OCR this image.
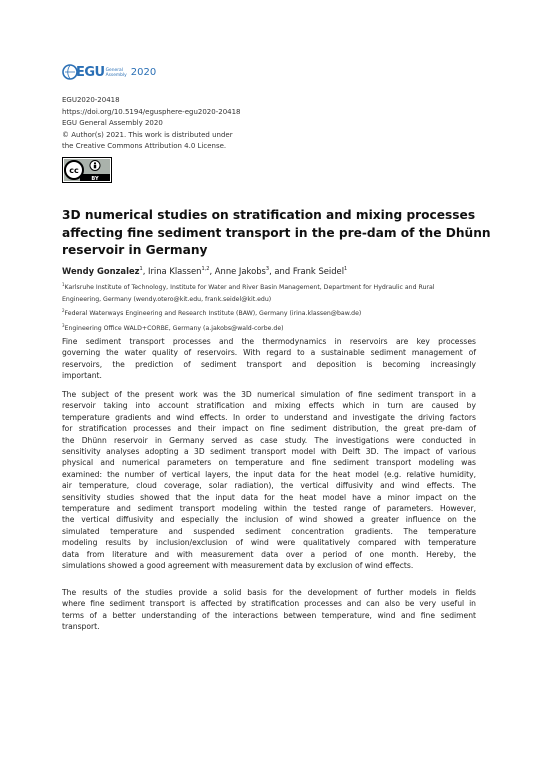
EGU General
Assembly 2020
EGU2020-20418
https://doi.org/10.5194/egusphere-egu2020-20418
EGU General Assembly 2020
© Author(s) 2021. This work is distributed under
the Creative Commons Attribution 4.0 License.
cc
BY
3D numerical studies on stratification and mixing processes
affecting fine sediment transport in the pre-dam of the Dhünn
reservoir in Germany
Wendy Gonzalez$^1$, Irina Klassen$^{1,2}$, Anne Jakobs$^3$, and Frank Seidel$^1$
$^1$Karlsruhe Institute of Technology, Institute for Water and River Basin Management, Department for Hydraulic and Rural
Engineering, Germany (wendy.otero@kit.edu, frank.seidel@kit.edu)
$^2$Federal Waterways Engineering and Research Institute (BAW), Germany (irina.klassen@baw.de)
$^3$Engineering Office WALD+CORBE, Germany (a.jakobs@wald-corbe.de)
Fine sediment transport processes and the thermodynamics in reservoirs are key processes
governing the water quality of reservoirs. With regard to a sustainable sediment management of
reservoirs, the prediction of sediment transport and deposition is becoming increasingly
important.
The subject of the present work was the 3D numerical simulation of fine sediment transport in a
reservoir taking into account stratification and mixing effects which in turn are caused by
temperature gradients and wind effects. In order to understand and investigate the driving factors
for stratification processes and their impact on fine sediment distribution, the great pre-dam of
the Dhünn reservoir in Germany served as case study. The investigations were conducted in
sensitivity analyses adopting a 3D sediment transport model with Delft 3D. The impact of various
physical and numerical parameters on temperature and fine sediment transport modeling was
examined: the number of vertical layers, the input data for the heat model (e.g. relative humidity,
air temperature, cloud coverage, solar radiation), the vertical diffusivity and wind effects. The
sensitivity studies showed that the input data for the heat model have a minor impact on the
temperature and sediment transport modeling within the tested range of parameters. However,
the vertical diffusivity and especially the inclusion of wind showed a greater influence on the
simulated temperature and suspended sediment concentration gradients. The temperature
modeling results by inclusion/exclusion of wind were qualitatively compared with temperature
data from literature and with measurement data over a period of one month. Hereby, the
simulations showed a good agreement with measurement data by exclusion of wind effects.
The results of the studies provide a solid basis for the development of further models in fields
where fine sediment transport is affected by stratification processes and can also be very useful in
terms of a better understanding of the interactions between temperature, wind and fine sediment
transport.
